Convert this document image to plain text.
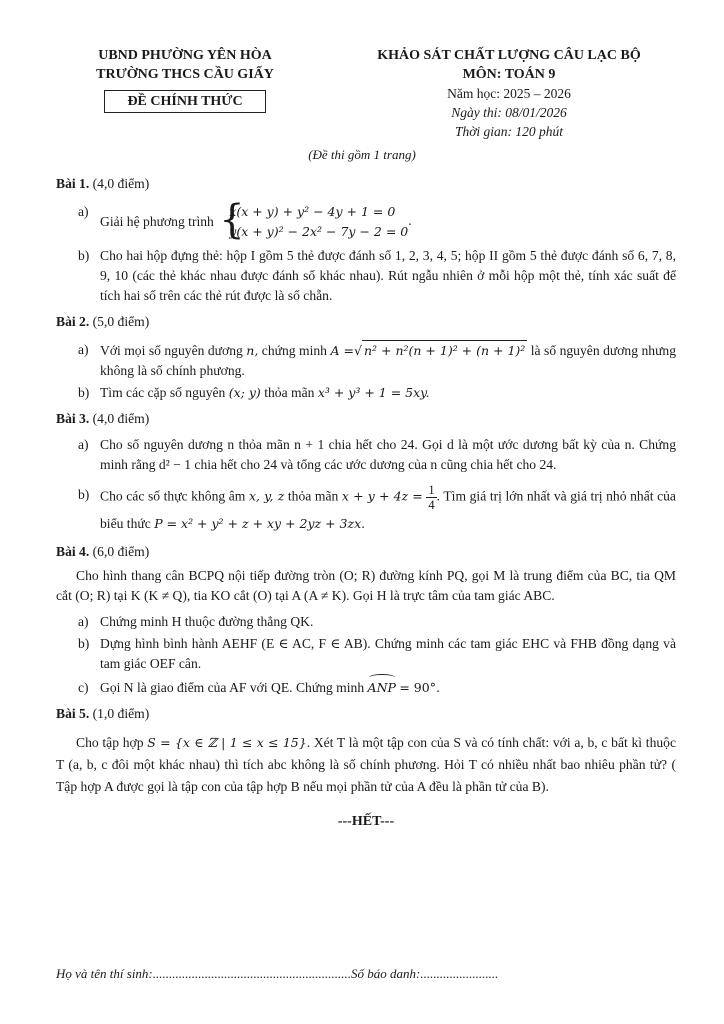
UBND PHƯỜNG YÊN HÒA
TRƯỜNG THCS CẦU GIẤY
ĐỀ CHÍNH THỨC
KHẢO SÁT CHẤT LƯỢNG CÂU LẠC BỘ
MÔN: TOÁN 9
Năm học: 2025 – 2026
Ngày thi: 08/01/2026
Thời gian: 120 phút
(Đề thi gồm 1 trang)
Bài 1. (4,0 điểm)
a)
Giải hệ phương trình {
x(x + y) + y² − 4y + 1 = 0
y(x + y)² − 2x² − 7y − 2 = 0
.
b) Cho hai hộp đựng thẻ: hộp I gồm 5 thẻ được đánh số 1, 2, 3, 4, 5; hộp II gồm 5 thẻ được đánh số 6, 7, 8, 9, 10 (các thẻ khác nhau được đánh số khác nhau). Rút ngẫu nhiên ở mỗi hộp một thẻ, tính xác suất để tích hai số trên các thẻ rút được là số chẵn.
Bài 2. (5,0 điểm)
a) Với mọi số nguyên dương n, chứng minh A =√ n² + n²(n + 1)² + (n + 1)² là số nguyên dương nhưng không là số chính phương.
b) Tìm các cặp số nguyên (x; y) thỏa mãn x³ + y³ + 1 = 5xy.
Bài 3. (4,0 điểm)
a) Cho số nguyên dương n thỏa mãn n + 1 chia hết cho 24. Gọi d là một ước dương bất kỳ của n. Chứng minh rằng d² − 1 chia hết cho 24 và tổng các ước dương của n cũng chia hết cho 24.
b) Cho các số thực không âm x, y, z thỏa mãn $x + y + 4z = \frac{1}{4}$ . Tìm giá trị lớn nhất và giá trị nhỏ nhất của biểu thức P = x² + y² + z + xy + 2yz + 3zx.
Bài 4. (6,0 điểm)
Cho hình thang cân BCPQ nội tiếp đường tròn (O; R) đường kính PQ, gọi M là trung điểm của BC, tia QM cắt (O; R) tại K (K ≠ Q), tia KO cắt (O) tại A (A ≠ K). Gọi H là trực tâm của tam giác ABC.
a) Chứng minh H thuộc đường thẳng QK.
b) Dựng hình bình hành AEHF (E ∈ AC, F ∈ AB). Chứng minh các tam giác EHC và FHB đồng dạng và tam giác OEF cân.
c) Gọi N là giao điểm của AF với QE. Chứng minh ANP = 90°.
Bài 5. (1,0 điểm)
Cho tập hợp S = {x ∈ ℤ | 1 ≤ x ≤ 15}. Xét T là một tập con của S và có tính chất: với a, b, c bất kì thuộc T (a, b, c đôi một khác nhau) thì tích abc không là số chính phương. Hỏi T có nhiều nhất bao nhiêu phần tử? ( Tập hợp A được gọi là tập con của tập hợp B nếu mọi phần tử của A đều là phần tử của B).
---HẾT---
Họ và tên thí sinh:.............................................................Số báo danh:........................
